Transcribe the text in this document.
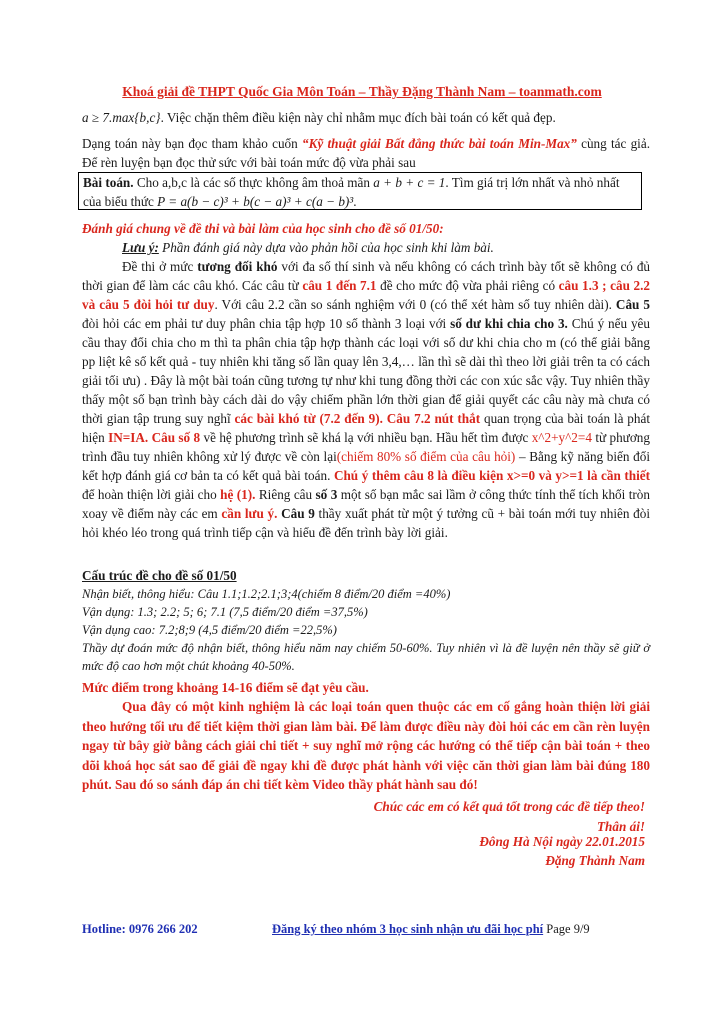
Khoá giải đề THPT Quốc Gia Môn Toán – Thầy Đặng Thành Nam – toanmath.com
a ≥ 7.max{b,c}. Việc chặn thêm điều kiện này chỉ nhằm mục đích bài toán có kết quả đẹp.
Dạng toán này bạn đọc tham khảo cuốn “Kỹ thuật giải Bất đẳng thức bài toán Min-Max” cùng tác giả. Để rèn luyện bạn đọc thử sức với bài toán mức độ vừa phải sau
Bài toán. Cho a,b,c là các số thực không âm thoả mãn a + b + c = 1. Tìm giá trị lớn nhất và nhỏ nhất của biểu thức P = a(b − c)³ + b(c − a)³ + c(a − b)³.
Đánh giá chung về đề thi và bài làm của học sinh cho đề số 01/50:
Lưu ý: Phần đánh giá này dựa vào phản hồi của học sinh khi làm bài.
Đề thi ở mức tương đối khó với đa số thí sinh và nếu không có cách trình bày tốt sẽ không có đủ thời gian để làm các câu khó. Các câu từ câu 1 đến 7.1 đề cho mức độ vừa phải riêng có câu 1.3 ; câu 2.2 và câu 5 đòi hỏi tư duy. Với câu 2.2 cần so sánh nghiệm với 0 (có thể xét hàm số tuy nhiên dài). Câu 5 đòi hỏi các em phải tư duy phân chia tập hợp 10 số thành 3 loại với số dư khi chia cho 3. Chú ý nếu yêu cầu thay đổi chia cho m thì ta phân chia tập hợp thành các loại với số dư khi chia cho m (có thể giải bằng pp liệt kê số kết quả - tuy nhiên khi tăng số lần quay lên 3,4,… lần thì sẽ dài thì theo lời giải trên ta có cách giải tối ưu) . Đây là một bài toán cũng tương tự như khi tung đồng thời các con xúc sắc vậy. Tuy nhiên thầy thấy một số bạn trình bày cách dài do vậy chiếm phần lớn thời gian để giải quyết các câu này mà chưa có thời gian tập trung suy nghĩ các bài khó từ (7.2 đến 9). Câu 7.2 nút thắt quan trọng của bài toán là phát hiện IN=IA. Câu số 8 về hệ phương trình sẽ khá lạ với nhiều bạn. Hầu hết tìm được x^2+y^2=4 từ phương trình đầu tuy nhiên không xử lý được về còn lại(chiếm 80% số điểm của câu hỏi) – Bằng kỹ năng biến đổi kết hợp đánh giá cơ bản ta có kết quả bài toán. Chú ý thêm câu 8 là điều kiện x>=0 và y>=1 là cần thiết để hoàn thiện lời giải cho hệ (1). Riêng câu số 3 một số bạn mắc sai lầm ở công thức tính thể tích khối tròn xoay về điểm này các em cần lưu ý. Câu 9 thầy xuất phát từ một ý tưởng cũ + bài toán mới tuy nhiên đòi hỏi khéo léo trong quá trình tiếp cận và hiểu đề đến trình bày lời giải.
Cấu trúc đề cho đề số 01/50
Nhận biết, thông hiểu: Câu 1.1;1.2;2.1;3;4(chiếm 8 điểm/20 điểm =40%)
Vận dụng: 1.3; 2.2; 5; 6; 7.1 (7,5 điểm/20 điểm =37,5%)
Vận dụng cao: 7.2;8;9 (4,5 điểm/20 điểm =22,5%)
Thầy dự đoán mức độ nhận biết, thông hiểu năm nay chiếm 50-60%. Tuy nhiên vì là đề luyện nên thầy sẽ giữ ở mức độ cao hơn một chút khoảng 40-50%.
Mức điểm trong khoảng 14-16 điểm sẽ đạt yêu cầu.
Qua đây có một kinh nghiệm là các loại toán quen thuộc các em cố gắng hoàn thiện lời giải theo hướng tối ưu để tiết kiệm thời gian làm bài. Để làm được điều này đòi hỏi các em cần rèn luyện ngay từ bây giờ bằng cách giải chi tiết + suy nghĩ mở rộng các hướng có thể tiếp cận bài toán + theo dõi khoá học sát sao để giải đề ngay khi đề được phát hành với việc căn thời gian làm bài đúng 180 phút. Sau đó so sánh đáp án chi tiết kèm Video thầy phát hành sau đó!
Chúc các em có kết quả tốt trong các đề tiếp theo!
Thân ái!
Đông Hà Nội ngày 22.01.2015
Đặng Thành Nam
Hotline: 0976 266 202	Đăng ký theo nhóm 3 học sinh nhận ưu đãi học phí Page 9/9
